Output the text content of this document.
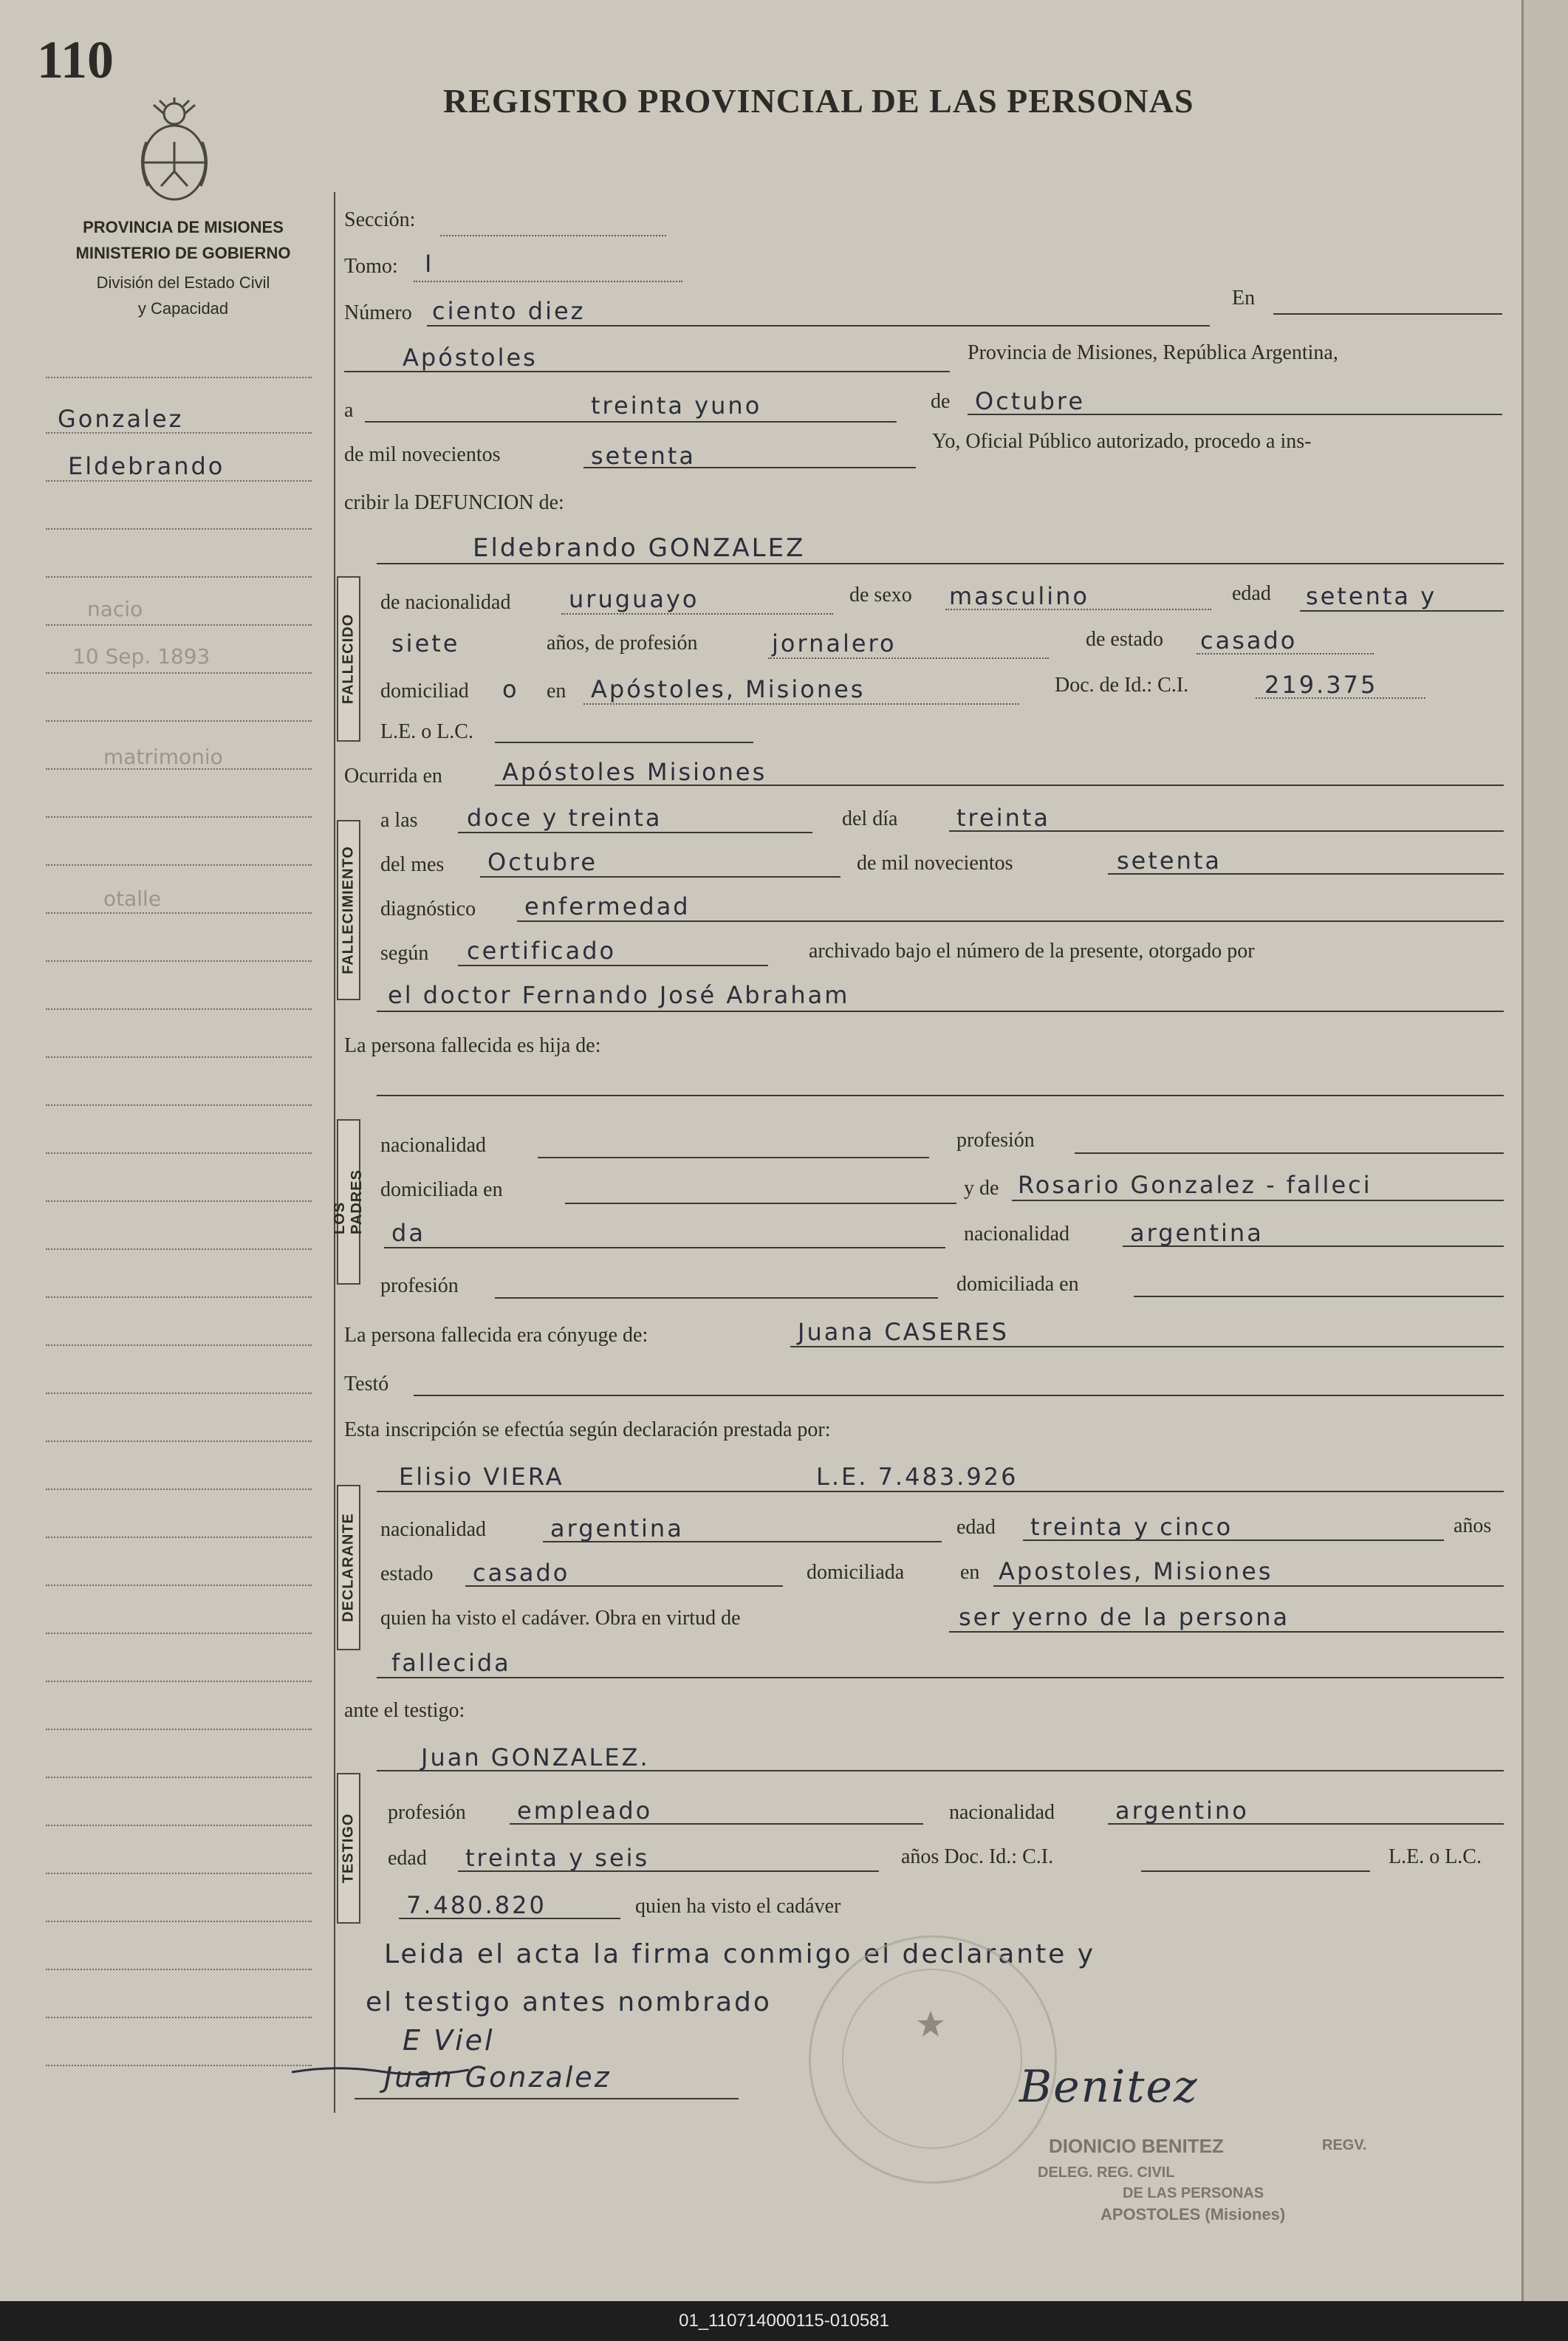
110
REGISTRO PROVINCIAL DE LAS PERSONAS
PROVINCIA DE MISIONES
MINISTERIO DE GOBIERNO
División del Estado Civil
y Capacidad
Gonzalez
Eldebrando
nacio
10 Sep. 1893
matrimonio
otalle
Sección:
Tomo: I
Número ciento diez	En
Apóstoles	Provincia de Misiones, República Argentina,
a	treinta yuno	de Octubre
de mil novecientos	setenta
Yo, Oficial Público autorizado, procedo a ins-
cribir la DEFUNCION de:
FALLECIDO
Eldebrando GONZALEZ
de nacionalidad uruguayo	de sexo masculino	edad setenta y
siete	años, de profesión	jornalero	de estado casado
domiciliad o en Apóstoles, Misiones	Doc. de Id.: C.I.	219.375
L.E. o L.C.
Ocurrida en	Apóstoles Misiones
FALLECIMIENTO
a las doce y treinta	del día treinta
del mes Octubre	de mil novecientos	setenta
diagnóstico enfermedad
según certificado	archivado bajo el número de la presente, otorgado por
el doctor Fernando José Abraham
La persona fallecida es hija de:
LOS PADRES
nacionalidad	profesión
domiciliada en	y de Rosario Gonzalez - falleci
da	nacionalidad	argentina
profesión	domiciliada en
La persona fallecida era cónyuge de:	Juana CASERES
Testó
Esta inscripción se efectúa según declaración prestada por:
DECLARANTE
Elisio VIERA	L.E. 7.483.926
nacionalidad	argentina	edad treinta y cinco	años
estado casado	domiciliada	en Apostoles, Misiones
quien ha visto el cadáver. Obra en virtud de	ser yerno de la persona
fallecida
ante el testigo:
TESTIGO
Juan GONZALEZ.
profesión empleado	nacionalidad	argentino
edad treinta y seis	años Doc. Id.: C.I.	L.E. o L.C.
7.480.820	quien ha visto el cadáver
Leida el acta la firma conmigo el declarante y
el testigo antes nombrado
E Viel
Juan Gonzalez	Benitez
DIONICIO BENITEZ	REGV.
DELEG. REG. CIVIL
DE LAS PERSONAS
APOSTOLES (Misiones)
01_110714000115-010581
